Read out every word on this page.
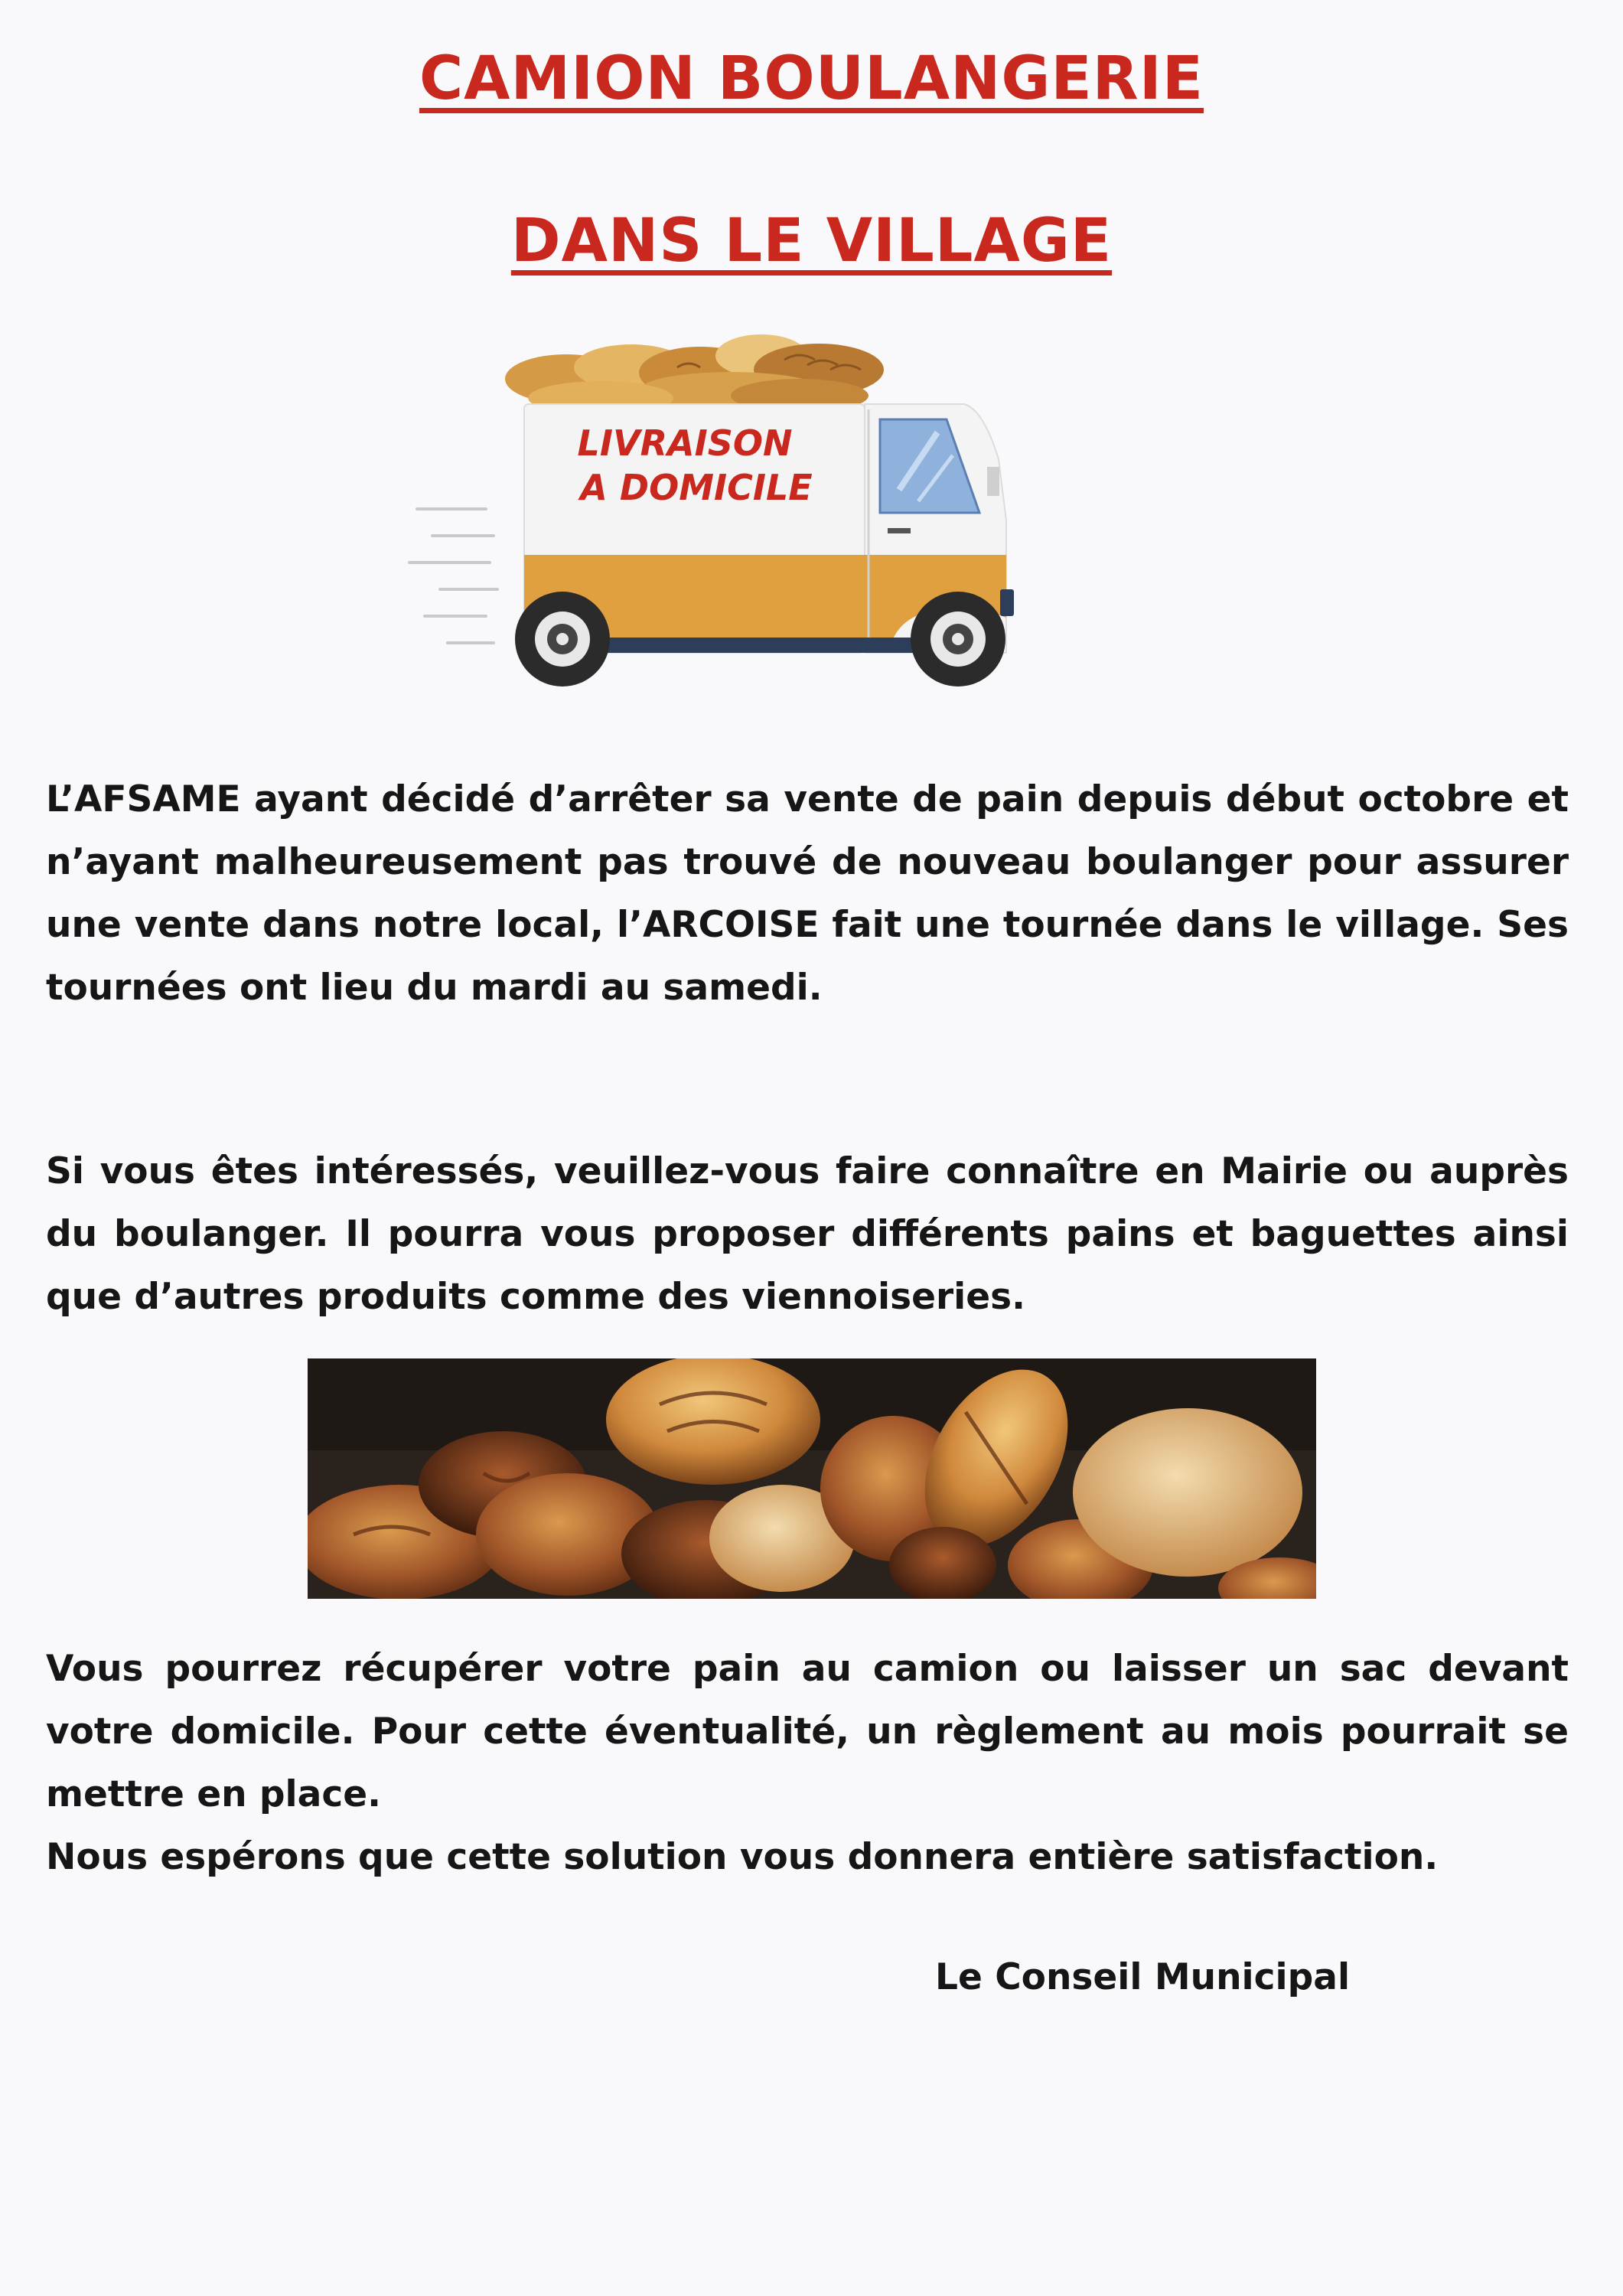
CAMION BOULANGERIE
DANS LE VILLAGE
LIVRAISON
A DOMICILE
L’AFSAME ayant décidé d’arrêter sa vente de pain depuis début octobre et n’ayant malheureusement pas trouvé de nouveau boulanger pour assurer une vente dans notre local, l’ARCOISE fait une tournée dans le village. Ses tournées ont lieu du mardi au samedi.
Si vous êtes intéressés, veuillez-vous faire connaître en Mairie ou auprès du boulanger. Il pourra vous proposer différents pains et baguettes ainsi que d’autres produits comme des viennoiseries.
Vous pourrez récupérer votre pain au camion ou laisser un sac devant votre domicile. Pour cette éventualité, un règlement au mois pourrait se mettre en place.
Nous espérons que cette solution vous donnera entière satisfaction.
Le Conseil Municipal
